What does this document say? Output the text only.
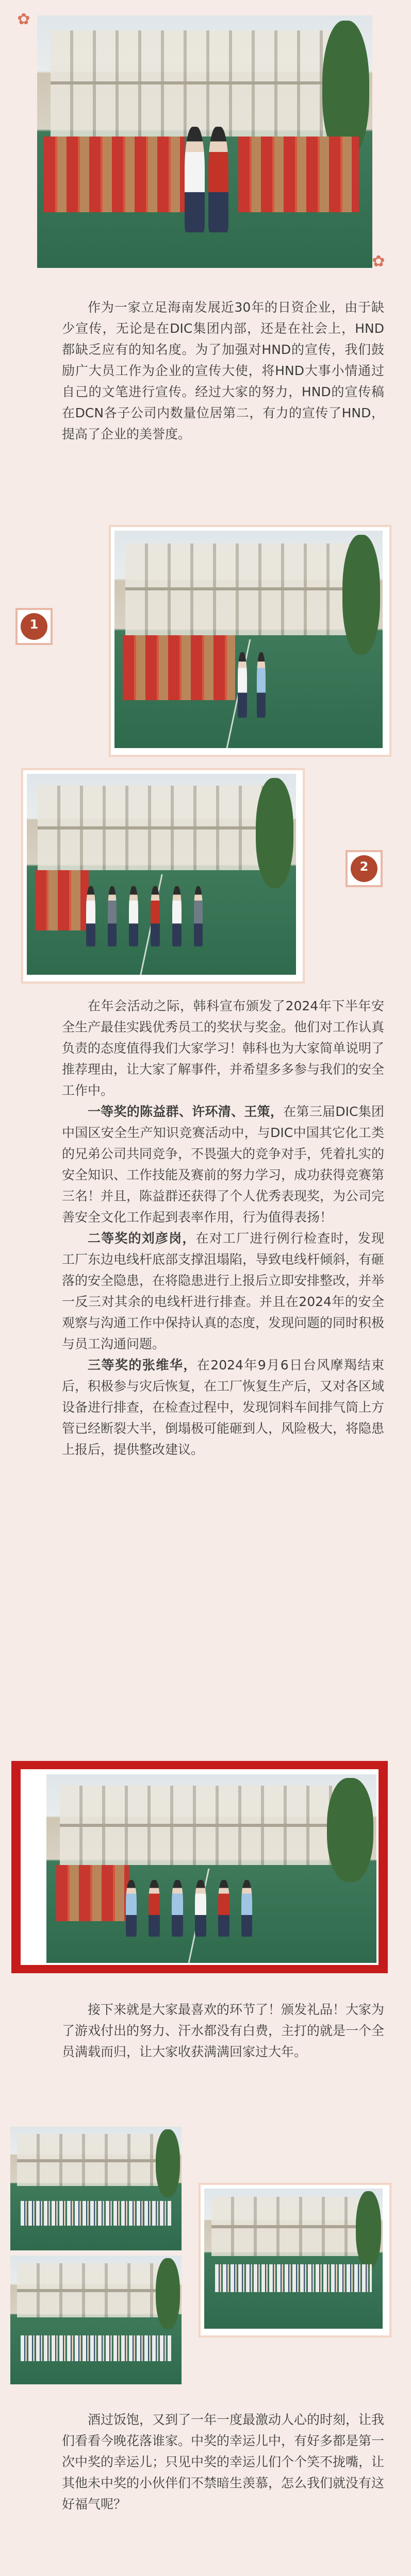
✿
✿

作为一家立足海南发展近30年的日资企业，由于缺少宣传，无论是在DIC集团内部，还是在社会上，HND都缺乏应有的知名度。为了加强对HND的宣传，我们鼓励广大员工作为企业的宣传大使，将HND大事小情通过自己的文笔进行宣传。经过大家的努力，HND的宣传稿在DCN各子公司内数量位居第二，有力的宣传了HND，提高了企业的美誉度。

1
2

在年会活动之际，韩科宣布颁发了2024年下半年安全生产最佳实践优秀员工的奖状与奖金。他们对工作认真负责的态度值得我们大家学习！韩科也为大家简单说明了推荐理由，让大家了解事件，并希望多多参与我们的安全工作中。

一等奖的陈益群、许环清、王策，在第三届DIC集团中国区安全生产知识竞赛活动中，与DIC中国其它化工类的兄弟公司共同竞争，不畏强大的竞争对手，凭着扎实的安全知识、工作技能及赛前的努力学习，成功获得竞赛第三名！并且，陈益群还获得了个人优秀表现奖，为公司完善安全文化工作起到表率作用，行为值得表扬！

二等奖的刘彦岗，在对工厂进行例行检查时，发现工厂东边电线杆底部支撑沮塌陷，导致电线杆倾斜，有砸落的安全隐患，在将隐患进行上报后立即安排整改，并举一反三对其余的电线杆进行排查。并且在2024年的安全观察与沟通工作中保持认真的态度，发现问题的同时积极与员工沟通问题。

三等奖的张维华，在2024年9月6日台风摩羯结束后，积极参与灾后恢复，在工厂恢复生产后，又对各区域设备进行排查，在检查过程中，发现饲料车间排气筒上方管已经断裂大半，倒塌极可能砸到人，风险极大，将隐患上报后，提供整改建议。

接下来就是大家最喜欢的环节了！颁发礼品！大家为了游戏付出的努力、汗水都没有白费，主打的就是一个全员满载而归，让大家收获满满回家过大年。

酒过饭饱，又到了一年一度最激动人心的时刻，让我们看看今晚花落谁家。中奖的幸运儿中，有好多都是第一次中奖的幸运儿；只见中奖的幸运儿们个个笑不拢嘴，让其他未中奖的小伙伴们不禁暗生羡慕，怎么我们就没有这好福气呢？
